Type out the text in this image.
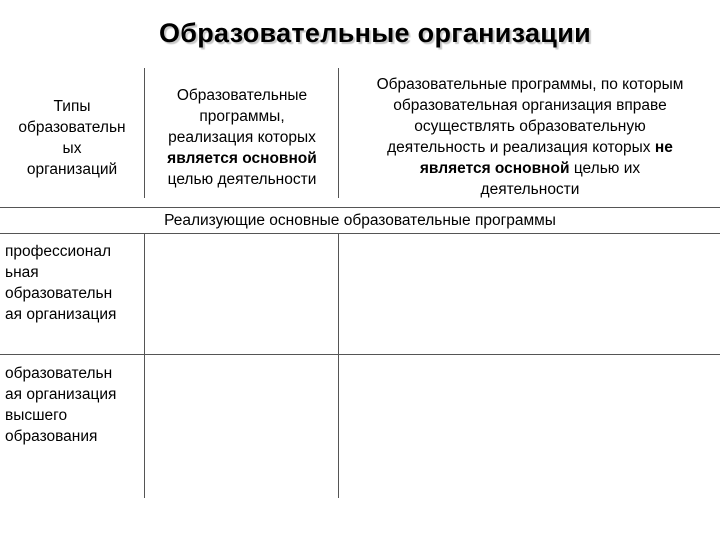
Образовательные организации
Типы
образовательн
ых
организаций
Образовательные
программы,
реализация которых
является основной
целью деятельности
Образовательные программы, по которым
образовательная организация вправе
осуществлять образовательную
деятельность и реализация которых не
является основной целью их
деятельности
Реализующие основные образовательные программы
профессионал
ьная
образовательн
ая организация
образовательн
ая организация
высшего
образования
